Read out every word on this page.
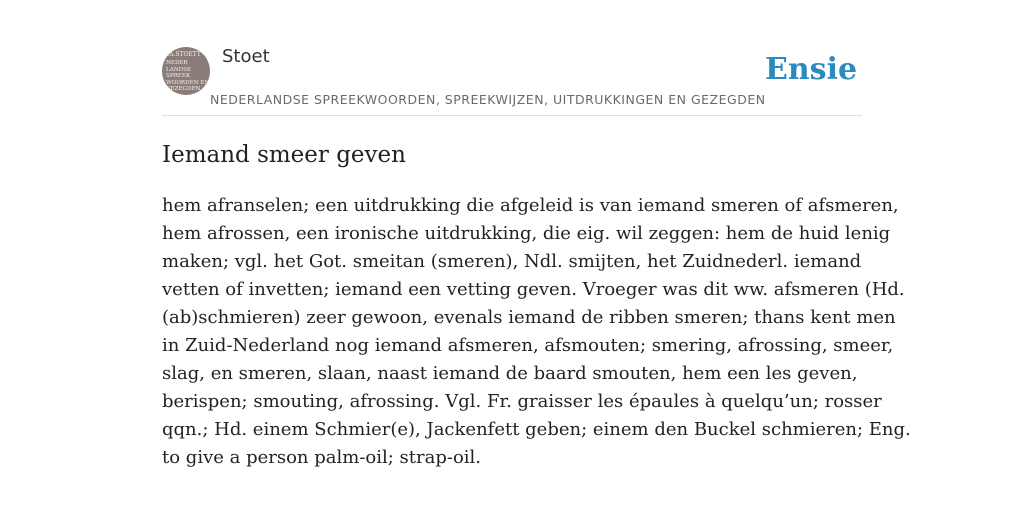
F.A.STOETT
NEDER
LANDSE
SPREEK
WOORDEN EN
GEZEGDEN
Stoet	Ensie
NEDERLANDSE SPREEKWOORDEN, SPREEKWIJZEN, UITDRUKKINGEN EN GEZEGDEN
Iemand smeer geven

hem afranselen; een uitdrukking die afgeleid is van iemand smeren of afsmeren,
hem afrossen, een ironische uitdrukking, die eig. wil zeggen: hem de huid lenig
maken; vgl. het Got. smeitan (smeren), Ndl. smijten, het Zuidnederl. iemand
vetten of invetten; iemand een vetting geven. Vroeger was dit ww. afsmeren (Hd.
(ab)schmieren) zeer gewoon, evenals iemand de ribben smeren; thans kent men
in Zuid-Nederland nog iemand afsmeren, afsmouten; smering, afrossing, smeer,
slag, en smeren, slaan, naast iemand de baard smouten, hem een les geven,
berispen; smouting, afrossing. Vgl. Fr. graisser les épaules à quelqu’un; rosser
qqn.; Hd. einem Schmier(e), Jackenfett geben; einem den Buckel schmieren; Eng.
to give a person palm-oil; strap-oil.
